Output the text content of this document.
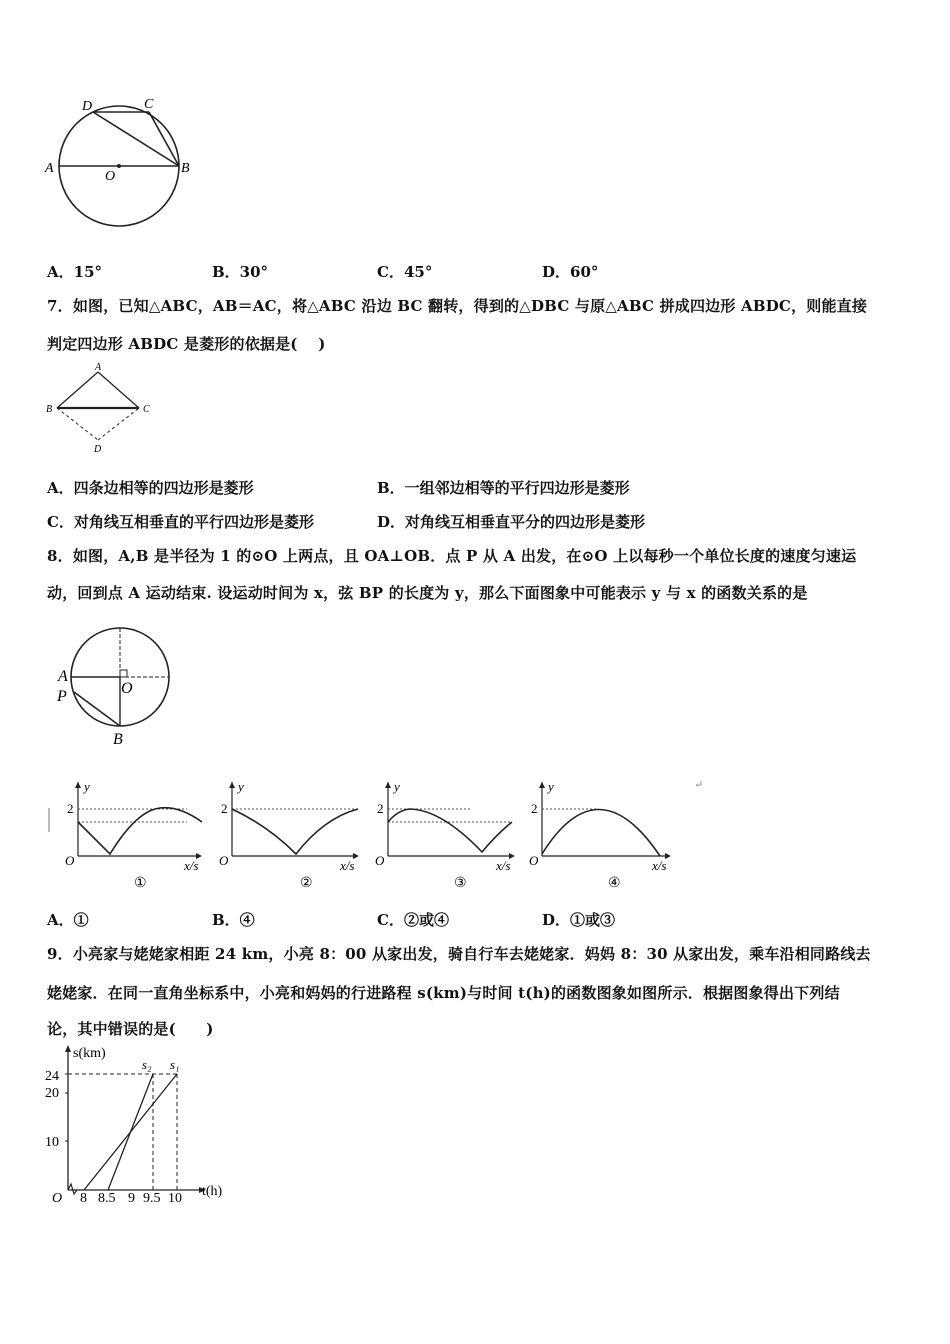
D	C
A
O
B
A．15°	B．30°	C．45°	D．60°
7．如图，已知△ABC，AB＝AC，将△ABC 沿边 BC 翻转，得到的△DBC 与原△ABC 拼成四边形 ABDC，则能直接
判定四边形 ABDC 是菱形的依据是(　 )
A
B	C
D
A．四条边相等的四边形是菱形	B．一组邻边相等的平行四边形是菱形
C．对角线互相垂直的平行四边形是菱形	D．对角线互相垂直平分的四边形是菱形
8．如图，A,B 是半径为 1 的⊙O 上两点，且 OA⊥OB．点 P 从 A 出发，在⊙O 上以每秒一个单位长度的速度匀速运
动，回到点 A 运动结束. 设运动时间为 x，弦 BP 的长度为 y，那么下面图象中可能表示 y 与 x 的函数关系的是
A
P	O
B
y
2
O	x/s
①
y
2
O	x/s
②
y
2
O	x/s
③
y
2
O	x/s
④
↵
A．①	B．④	C．②或④	D．①或③
9．小亮家与姥姥家相距 24 km，小亮 8：00 从家出发，骑自行车去姥姥家．妈妈 8：30 从家出发，乘车沿相同路线去
姥姥家．在同一直角坐标系中，小亮和妈妈的行进路程 s(km)与时间 t(h)的函数图象如图所示．根据图象得出下列结
论，其中错误的是(　　)
s(km)
t(h)
24
20
10
O 8 8.5 9 9.5 10
s₂ s₁
